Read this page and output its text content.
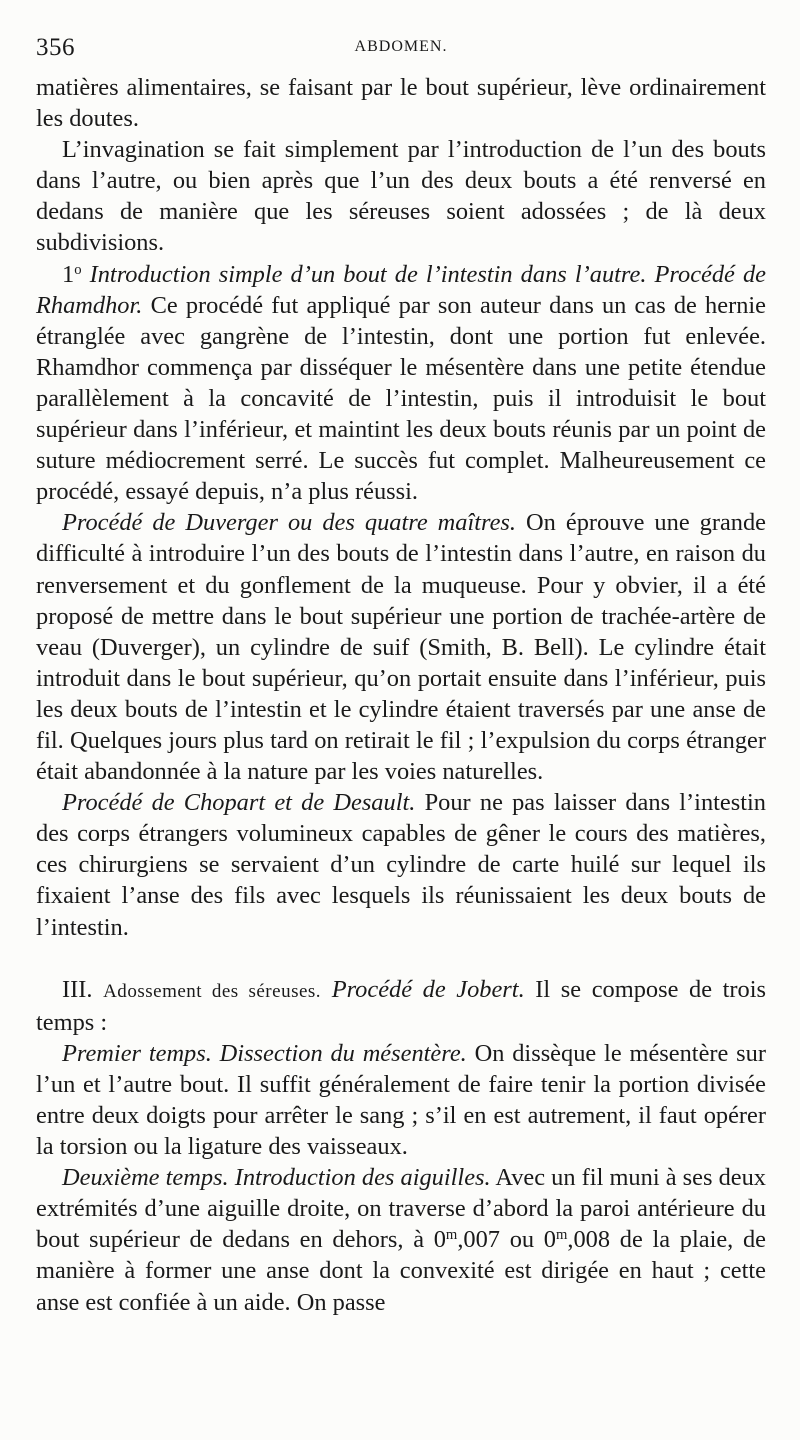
356	ABDOMEN.

matières alimentaires, se faisant par le bout supérieur, lève ordinairement les doutes.

L’invagination se fait simplement par l’introduction de l’un des bouts dans l’autre, ou bien après que l’un des deux bouts a été renversé en dedans de manière que les séreuses soient adossées ; de là deux subdivisions.

1$^o$ Introduction simple d’un bout de l’intestin dans l’autre. Procédé de Rhamdhor. Ce procédé fut appliqué par son auteur dans un cas de hernie étranglée avec gangrène de l’intestin, dont une portion fut enlevée. Rhamdhor commença par disséquer le mésentère dans une petite étendue parallèlement à la concavité de l’intestin, puis il introduisit le bout supérieur dans l’inférieur, et maintint les deux bouts réunis par un point de suture médiocrement serré. Le succès fut complet. Malheureusement ce procédé, essayé depuis, n’a plus réussi.

Procédé de Duverger ou des quatre maîtres. On éprouve une grande difficulté à introduire l’un des bouts de l’intestin dans l’autre, en raison du renversement et du gonflement de la muqueuse. Pour y obvier, il a été proposé de mettre dans le bout supérieur une portion de trachée-artère de veau (Duverger), un cylindre de suif (Smith, B. Bell). Le cylindre était introduit dans le bout supérieur, qu’on portait ensuite dans l’inférieur, puis les deux bouts de l’intestin et le cylindre étaient traversés par une anse de fil. Quelques jours plus tard on retirait le fil ; l’expulsion du corps étranger était abandonnée à la nature par les voies naturelles.

Procédé de Chopart et de Desault. Pour ne pas laisser dans l’intestin des corps étrangers volumineux capables de gêner le cours des matières, ces chirurgiens se servaient d’un cylindre de carte huilé sur lequel ils fixaient l’anse des fils avec lesquels ils réunissaient les deux bouts de l’intestin.

III. Adossement des séreuses. Procédé de Jobert. Il se compose de trois temps :

Premier temps. Dissection du mésentère. On dissèque le mésentère sur l’un et l’autre bout. Il suffit généralement de faire tenir la portion divisée entre deux doigts pour arrêter le sang ; s’il en est autrement, il faut opérer la torsion ou la ligature des vaisseaux.

Deuxième temps. Introduction des aiguilles. Avec un fil muni à ses deux extrémités d’une aiguille droite, on traverse d’abord la paroi antérieure du bout supérieur de dedans en dehors, à 0$^m$,007 ou 0$^m$,008 de la plaie, de manière à former une anse dont la convexité est dirigée en haut ; cette anse est confiée à un aide. On passe
